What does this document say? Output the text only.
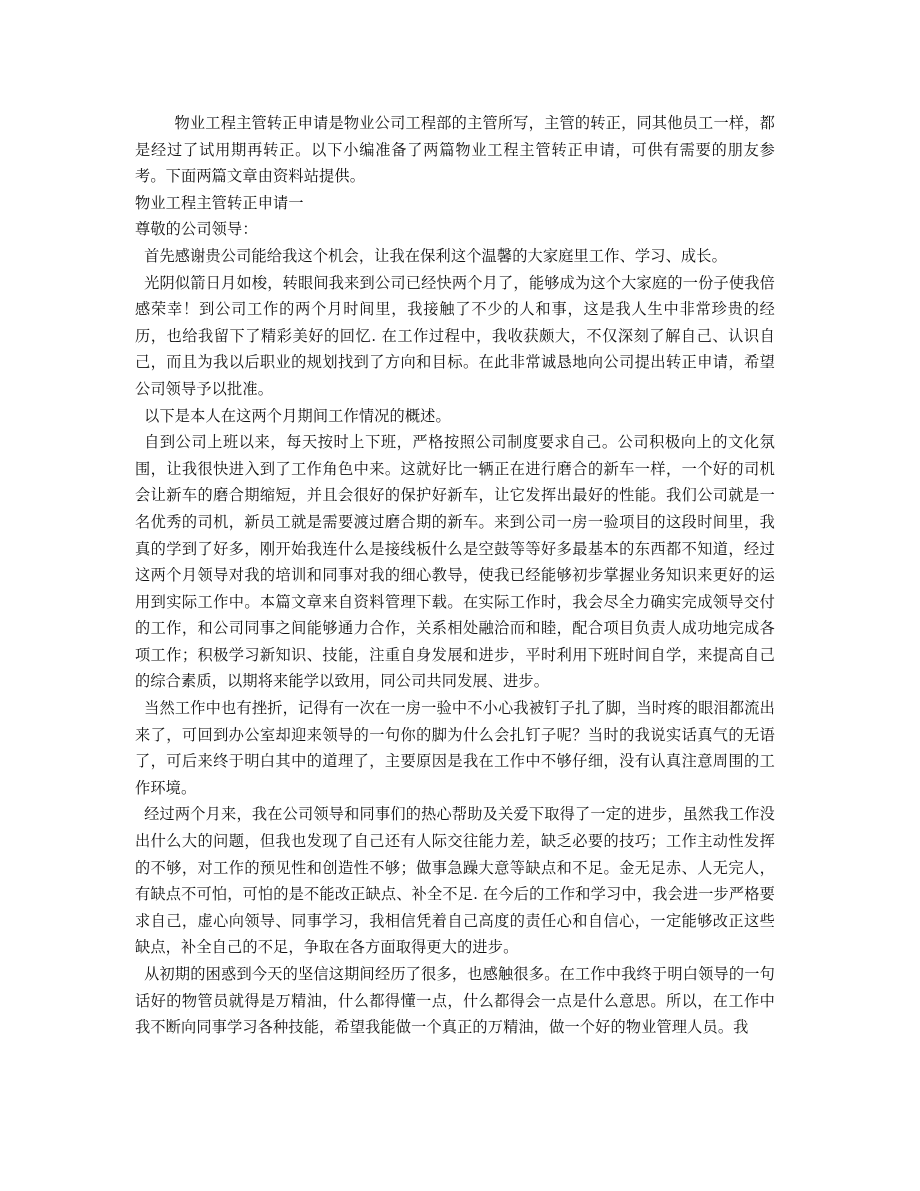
物业工程主管转正申请是物业公司工程部的主管所写，主管的转正，同其他员工一样，都是经过了试用期再转正。以下小编准备了两篇物业工程主管转正申请，可供有需要的朋友参考。下面两篇文章由资料站提供。

物业工程主管转正申请一

尊敬的公司领导：

首先感谢贵公司能给我这个机会，让我在保利这个温馨的大家庭里工作、学习、成长。

光阴似箭日月如梭，转眼间我来到公司已经快两个月了，能够成为这个大家庭的一份子使我倍感荣幸！到公司工作的两个月时间里，我接触了不少的人和事，这是我人生中非常珍贵的经历，也给我留下了精彩美好的回忆. 在工作过程中，我收获颇大，不仅深刻了解自己、认识自己，而且为我以后职业的规划找到了方向和目标。在此非常诚恳地向公司提出转正申请，希望公司领导予以批准。

以下是本人在这两个月期间工作情况的概述。

自到公司上班以来，每天按时上下班，严格按照公司制度要求自己。公司积极向上的文化氛围，让我很快进入到了工作角色中来。这就好比一辆正在进行磨合的新车一样，一个好的司机会让新车的磨合期缩短，并且会很好的保护好新车，让它发挥出最好的性能。我们公司就是一名优秀的司机，新员工就是需要渡过磨合期的新车。来到公司一房一验项目的这段时间里，我真的学到了好多，刚开始我连什么是接线板什么是空鼓等等好多最基本的东西都不知道，经过这两个月领导对我的培训和同事对我的细心教导，使我已经能够初步掌握业务知识来更好的运用到实际工作中。本篇文章来自资料管理下载。在实际工作时，我会尽全力确实完成领导交付的工作，和公司同事之间能够通力合作，关系相处融洽而和睦，配合项目负责人成功地完成各项工作；积极学习新知识、技能，注重自身发展和进步，平时利用下班时间自学，来提高自己的综合素质，以期将来能学以致用，同公司共同发展、进步。

当然工作中也有挫折，记得有一次在一房一验中不小心我被钉子扎了脚，当时疼的眼泪都流出来了，可回到办公室却迎来领导的一句你的脚为什么会扎钉子呢？当时的我说实话真气的无语了，可后来终于明白其中的道理了，主要原因是我在工作中不够仔细，没有认真注意周围的工作环境。

经过两个月来，我在公司领导和同事们的热心帮助及关爱下取得了一定的进步，虽然我工作没出什么大的问题，但我也发现了自己还有人际交往能力差，缺乏必要的技巧；工作主动性发挥的不够，对工作的预见性和创造性不够；做事急躁大意等缺点和不足。金无足赤、人无完人，有缺点不可怕，可怕的是不能改正缺点、补全不足. 在今后的工作和学习中，我会进一步严格要求自己，虚心向领导、同事学习，我相信凭着自己高度的责任心和自信心，一定能够改正这些缺点，补全自己的不足，争取在各方面取得更大的进步。

从初期的困惑到今天的坚信这期间经历了很多，也感触很多。在工作中我终于明白领导的一句话好的物管员就得是万精油，什么都得懂一点，什么都得会一点是什么意思。所以，在工作中我不断向同事学习各种技能，希望我能做一个真正的万精油，做一个好的物业管理人员。我
